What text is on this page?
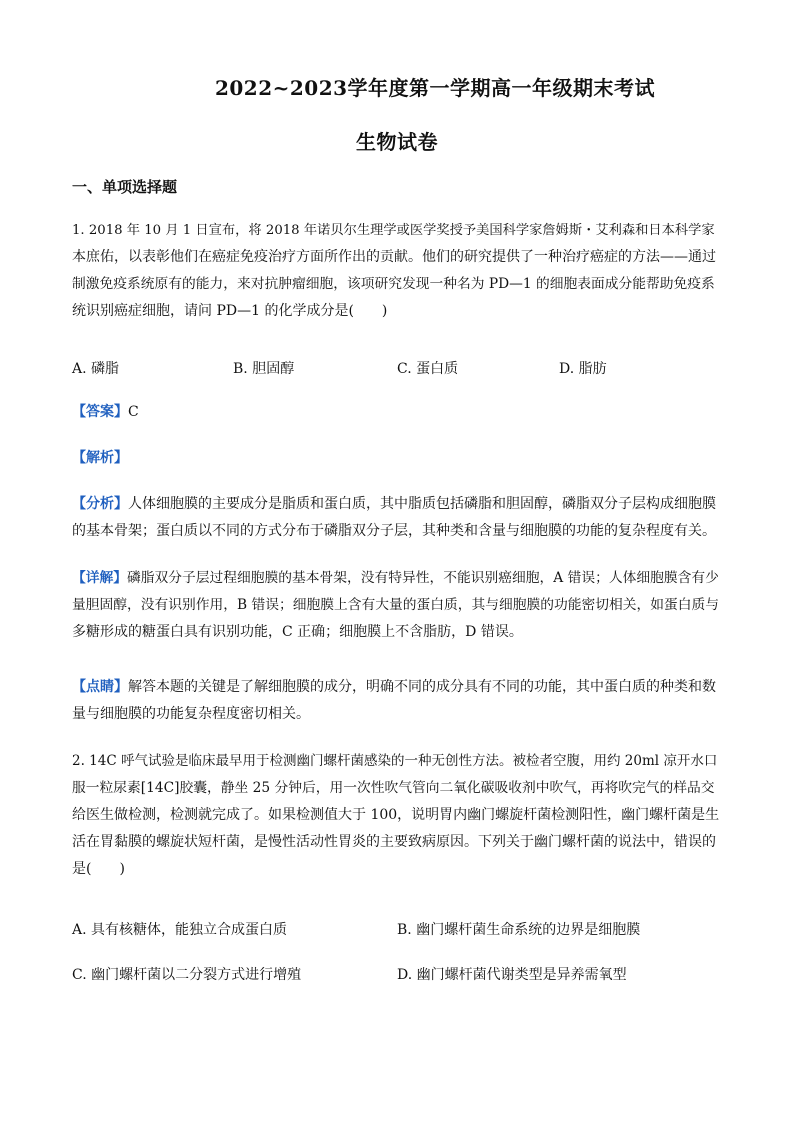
2022~2023学年度第一学期高一年级期末考试
生物试卷
一、单项选择题
1. 2018 年 10 月 1 日宣布，将 2018 年诺贝尔生理学或医学奖授予美国科学家詹姆斯・艾利森和日本科学家
本庶佑，以表彰他们在癌症免疫治疗方面所作出的贡献。他们的研究提供了一种治疗癌症的方法——通过
制激免疫系统原有的能力，来对抗肿瘤细胞，该项研究发现一种名为 PD—1 的细胞表面成分能帮助免疫系
统识别癌症细胞，请问 PD—1 的化学成分是(　　)
A. 磷脂	B. 胆固醇	C. 蛋白质	D. 脂肪
【答案】C
【解析】
【分析】人体细胞膜的主要成分是脂质和蛋白质，其中脂质包括磷脂和胆固醇，磷脂双分子层构成细胞膜
的基本骨架；蛋白质以不同的方式分布于磷脂双分子层，其种类和含量与细胞膜的功能的复杂程度有关。
【详解】磷脂双分子层过程细胞膜的基本骨架，没有特异性，不能识别癌细胞，A 错误；人体细胞膜含有少
量胆固醇，没有识别作用，B 错误；细胞膜上含有大量的蛋白质，其与细胞膜的功能密切相关，如蛋白质与
多糖形成的糖蛋白具有识别功能，C 正确；细胞膜上不含脂肪，D 错误。
【点睛】解答本题的关键是了解细胞膜的成分，明确不同的成分具有不同的功能，其中蛋白质的种类和数
量与细胞膜的功能复杂程度密切相关。
2. 14C 呼气试验是临床最早用于检测幽门螺杆菌感染的一种无创性方法。被检者空腹，用约 20ml 凉开水口
服一粒尿素[14C]胶囊，静坐 25 分钟后，用一次性吹气管向二氧化碳吸收剂中吹气，再将吹完气的样品交
给医生做检测，检测就完成了。如果检测值大于 100，说明胃内幽门螺旋杆菌检测阳性，幽门螺杆菌是生
活在胃黏膜的螺旋状短杆菌，是慢性活动性胃炎的主要致病原因。下列关于幽门螺杆菌的说法中，错误的
是(　　)
A. 具有核糖体，能独立合成蛋白质	B. 幽门螺杆菌生命系统的边界是细胞膜
C. 幽门螺杆菌以二分裂方式进行增殖	D. 幽门螺杆菌代谢类型是异养需氧型
